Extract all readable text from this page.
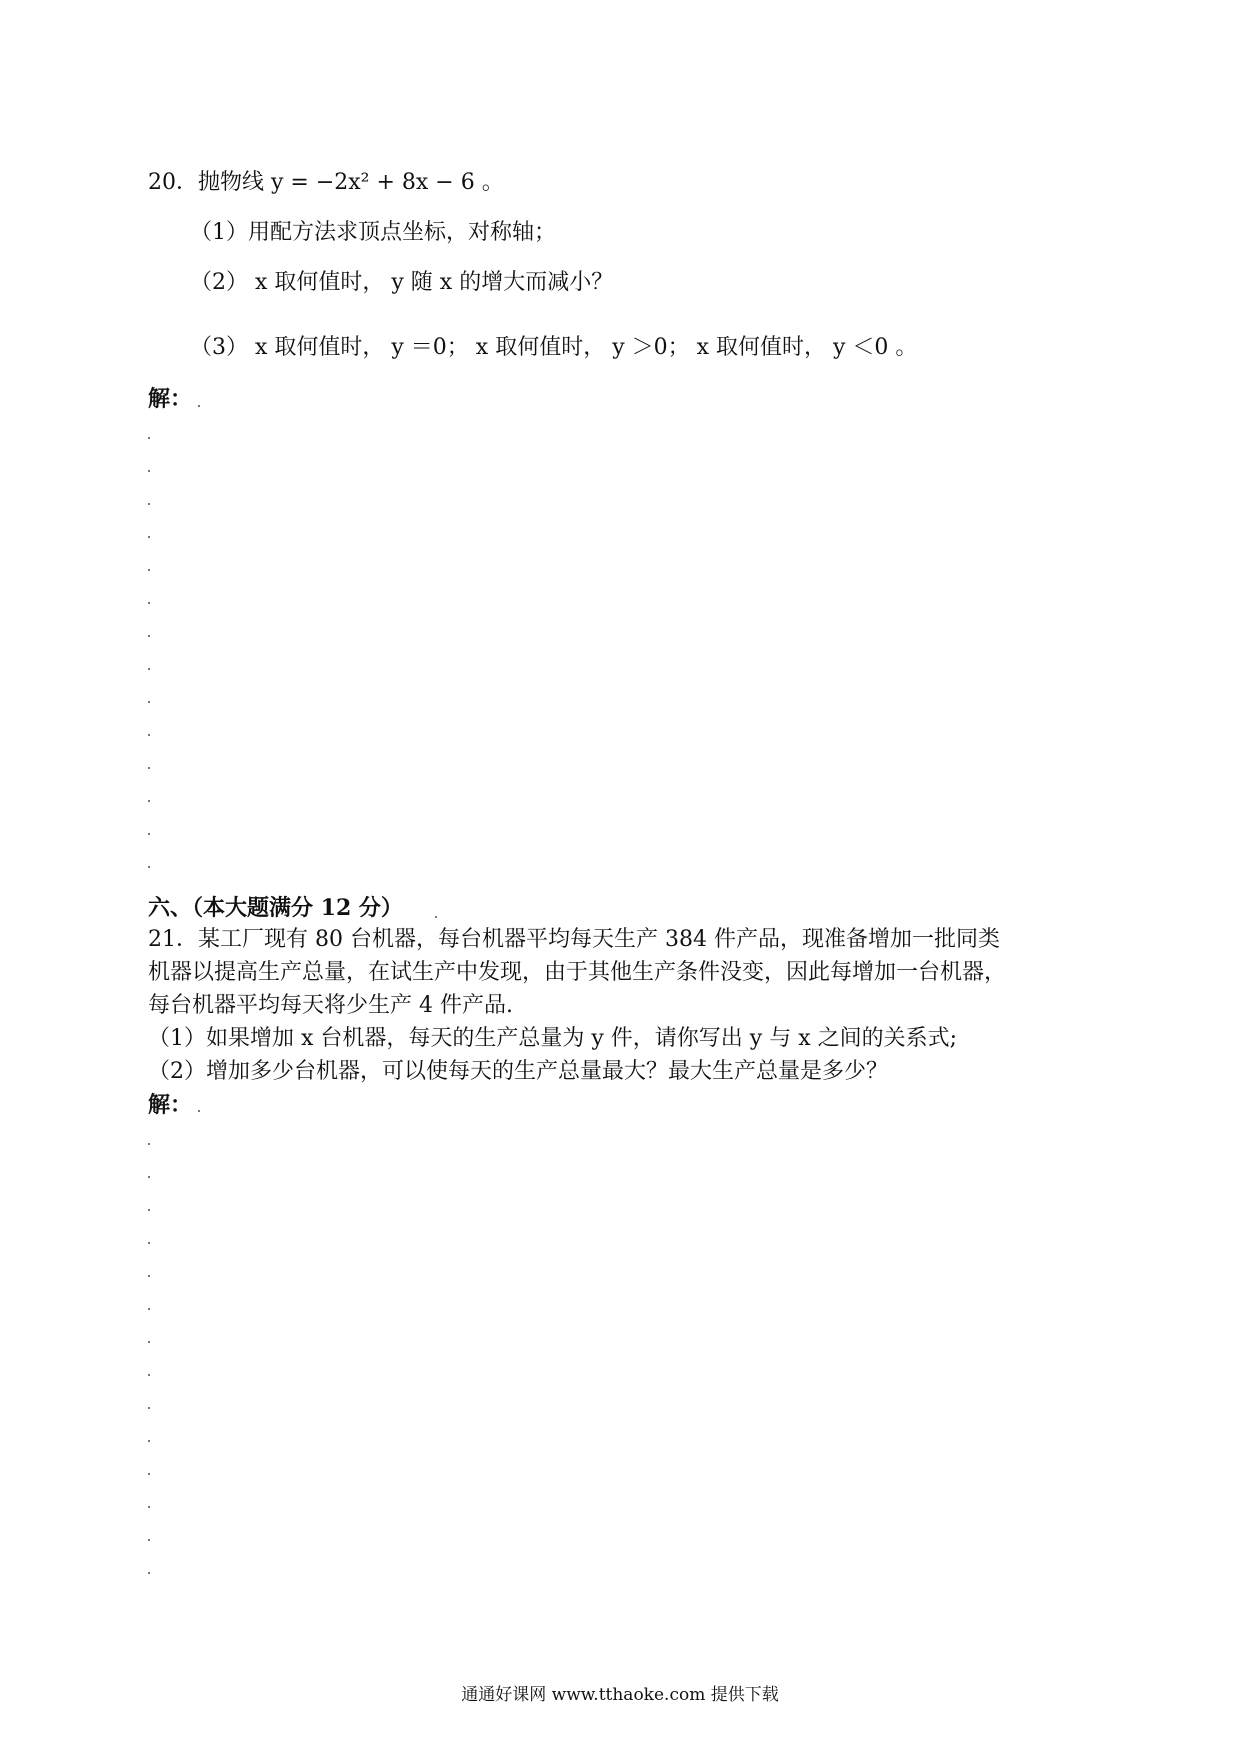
20．抛物线 y = −2x² + 8x − 6 。
（1）用配方法求顶点坐标，对称轴；
（2） x 取何值时， y 随 x 的增大而减小？
（3） x 取何值时， y ＝0； x 取何值时， y ＞0； x 取何值时， y ＜0 。
解：
六、（本大题满分 12 分）
21．某工厂现有 80 台机器，每台机器平均每天生产 384 件产品，现准备增加一批同类
机器以提高生产总量，在试生产中发现，由于其他生产条件没变，因此每增加一台机器，
每台机器平均每天将少生产 4 件产品.
（1）如果增加 x 台机器，每天的生产总量为 y 件，请你写出 y 与 x 之间的关系式;
（2）增加多少台机器，可以使每天的生产总量最大？最大生产总量是多少？
解：
通通好课网 www.tthaoke.com 提供下载
